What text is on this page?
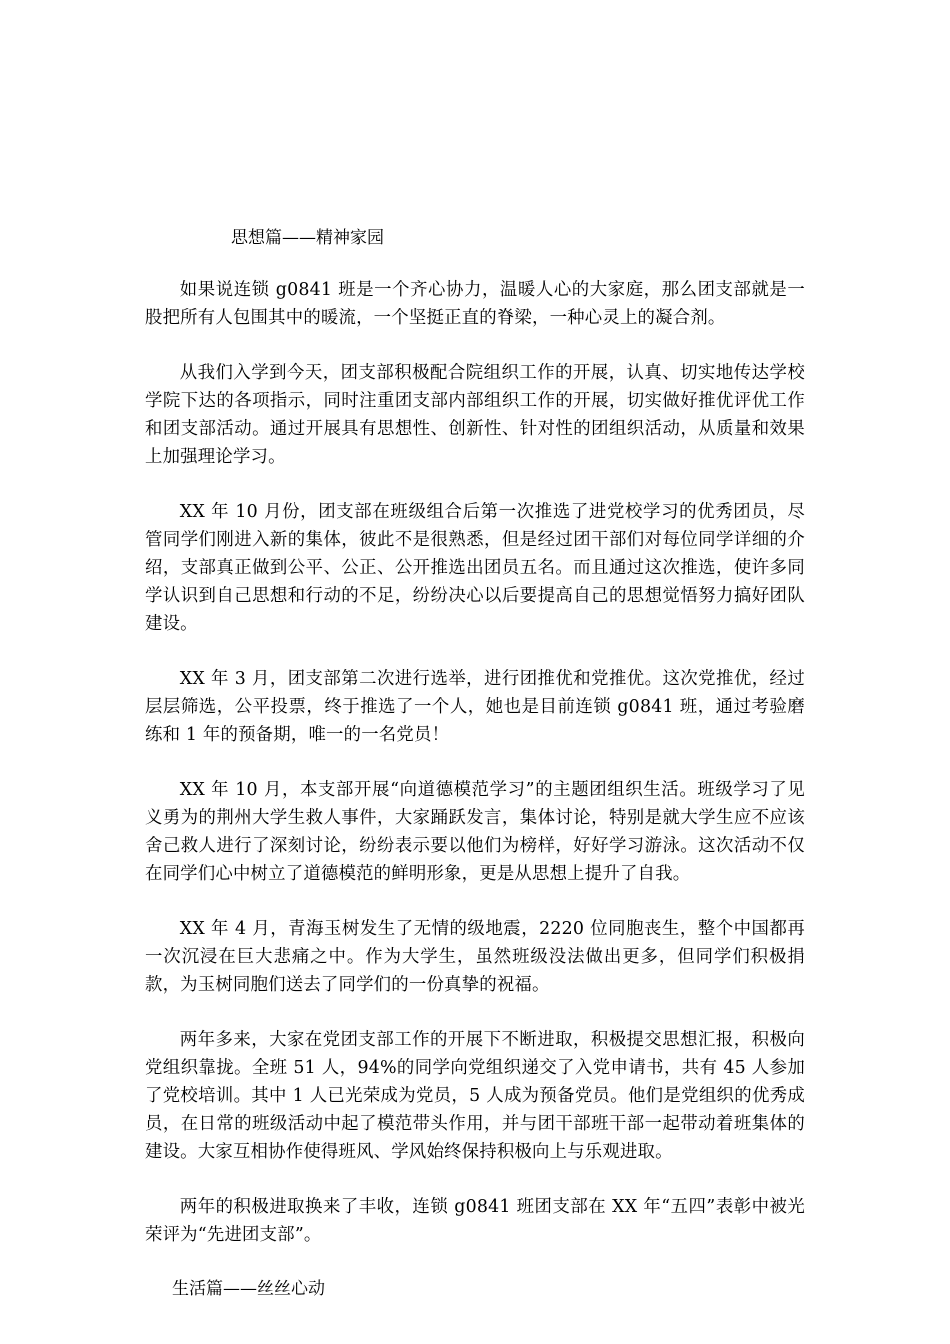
思想篇——精神家园

如果说连锁 g0841 班是一个齐心协力，温暖人心的大家庭，那么团支部就是一股把所有人包围其中的暖流，一个坚挺正直的脊梁，一种心灵上的凝合剂。

从我们入学到今天，团支部积极配合院组织工作的开展，认真、切实地传达学校学院下达的各项指示，同时注重团支部内部组织工作的开展，切实做好推优评优工作和团支部活动。通过开展具有思想性、创新性、针对性的团组织活动，从质量和效果上加强理论学习。

XX 年 10 月份，团支部在班级组合后第一次推选了进党校学习的优秀团员，尽管同学们刚进入新的集体，彼此不是很熟悉，但是经过团干部们对每位同学详细的介绍，支部真正做到公平、公正、公开推选出团员五名。而且通过这次推选，使许多同学认识到自己思想和行动的不足，纷纷决心以后要提高自己的思想觉悟努力搞好团队建设。

XX 年 3 月，团支部第二次进行选举，进行团推优和党推优。这次党推优，经过层层筛选，公平投票，终于推选了一个人，她也是目前连锁 g0841 班，通过考验磨练和 1 年的预备期，唯一的一名党员！

XX 年 10 月，本支部开展“向道德模范学习”的主题团组织生活。班级学习了见义勇为的荆州大学生救人事件，大家踊跃发言，集体讨论，特别是就大学生应不应该舍己救人进行了深刻讨论，纷纷表示要以他们为榜样，好好学习游泳。这次活动不仅在同学们心中树立了道德模范的鲜明形象，更是从思想上提升了自我。

XX 年 4 月，青海玉树发生了无情的级地震，2220 位同胞丧生，整个中国都再一次沉浸在巨大悲痛之中。作为大学生，虽然班级没法做出更多，但同学们积极捐款，为玉树同胞们送去了同学们的一份真挚的祝福。

两年多来，大家在党团支部工作的开展下不断进取，积极提交思想汇报，积极向党组织靠拢。全班 51 人，94%的同学向党组织递交了入党申请书，共有 45 人参加了党校培训。其中 1 人已光荣成为党员，5 人成为预备党员。他们是党组织的优秀成员，在日常的班级活动中起了模范带头作用，并与团干部班干部一起带动着班集体的建设。大家互相协作使得班风、学风始终保持积极向上与乐观进取。

两年的积极进取换来了丰收，连锁 g0841 班团支部在 XX 年“五四”表彰中被光荣评为“先进团支部”。

生活篇——丝丝心动
